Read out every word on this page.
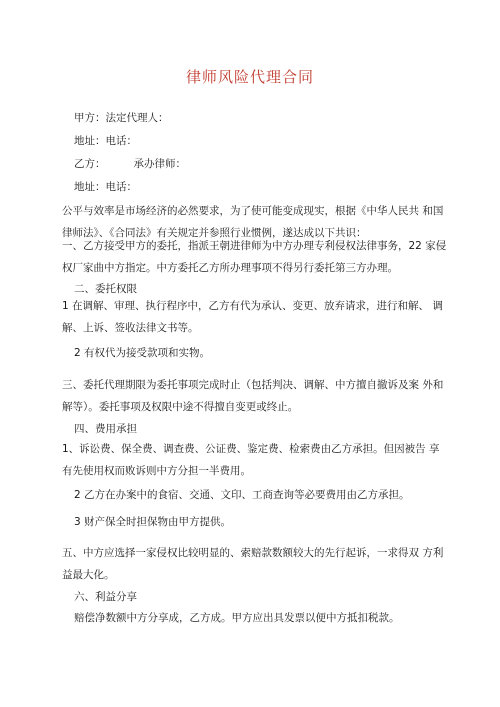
律师风险代理合同
甲方：法定代理人：
地址：电话：
乙方：	承办律师：
地址：电话：
公平与效率是市场经济的必然要求，为了使可能变成现实，根据《中华人民共 和国律师法》、《合同法》有关规定并参照行业惯例，遂达成以下共识：
一、乙方接受甲方的委托，指派王朝进律师为中方办理专利侵权法律事务，22 家侵权厂家曲中方指定。中方委托乙方所办理事项不得另行委托第三方办理。
二、委托权限
1 在调解、审理、执行程序中，乙方有代为承认、变更、放弃请求，进行和解、 调解、上诉、签收法律文书等。
2 有权代为接受款项和实物。
三、委托代理期限为委托事项完成时止（包括判决、调解、中方擅自撤诉及案 外和解等）。委托事项及权限中途不得擅自变更或终止。
四、费用承担
1、诉讼费、保全费、调查费、公证费、鉴定费、检索费由乙方承担。但因被告 享有先使用权而败诉则中方分担一半费用。
2 乙方在办案中的食宿、交通、文印、工商查询等必要费用由乙方承担。
3 财产保全时担保物由甲方提供。
五、中方应选择一家侵权比较明显的、索赔款数额较大的先行起诉，一求得双 方利益最大化。
六、利益分享
赔偿净数额中方分享成，乙方成。甲方应出具发票以便中方抵扣税款。
